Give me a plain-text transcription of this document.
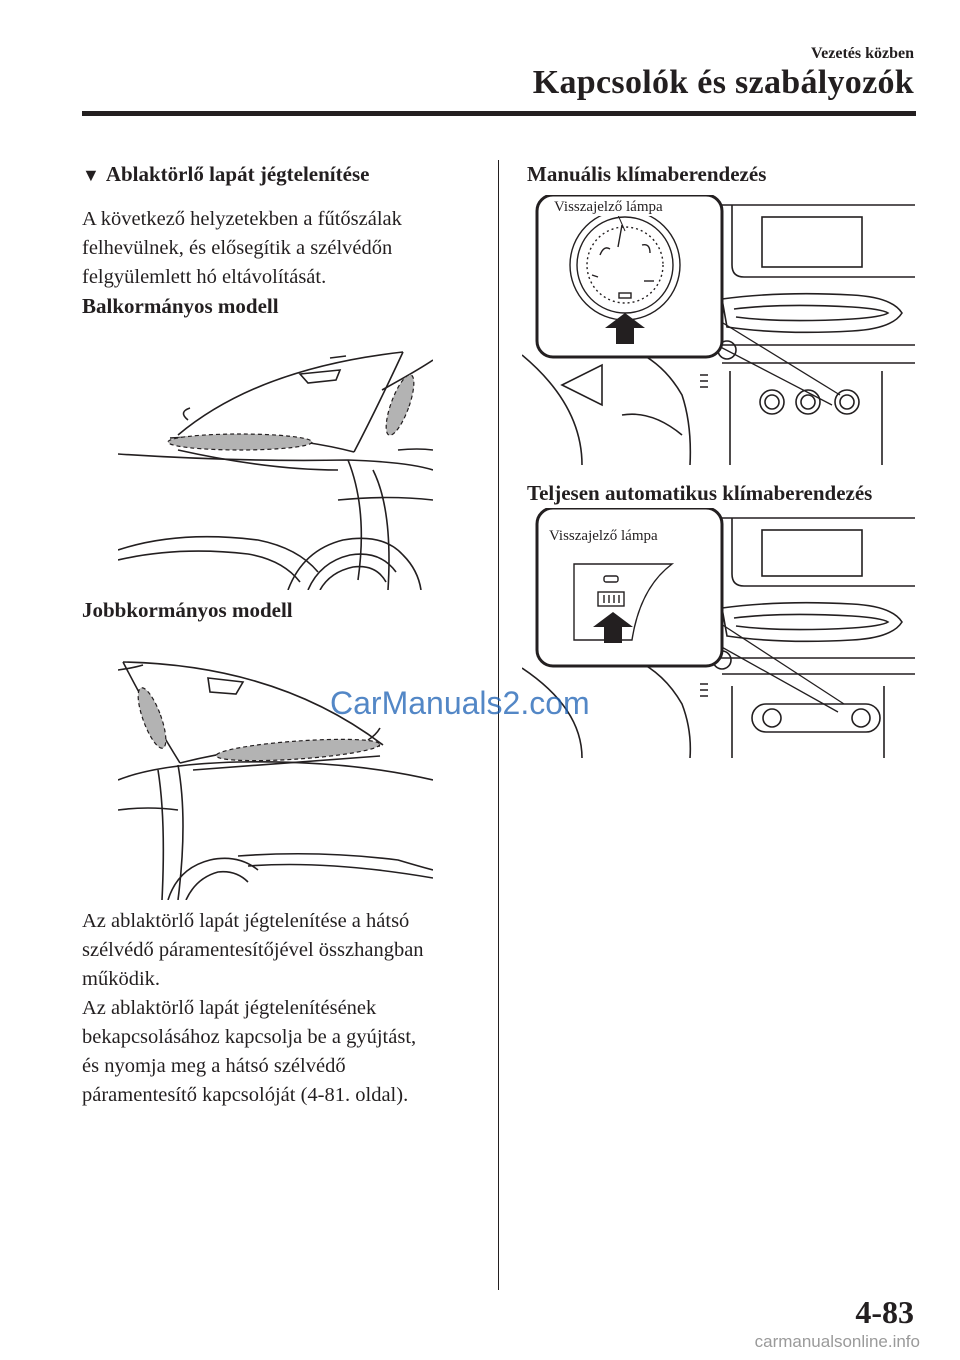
Vezetés közben
Kapcsolók és szabályozók
▼ Ablaktörlő lapát jégtelenítése
A következő helyzetekben a fűtőszálak
felhevülnek, és elősegítik a szélvédőn
felgyülemlett hó eltávolítását.
Balkormányos modell
Jobbkormányos modell
Az ablaktörlő lapát jégtelenítése a hátsó
szélvédő páramentesítőjével összhangban
működik.
Az ablaktörlő lapát jégtelenítésének
bekapcsolásához kapcsolja be a gyújtást,
és nyomja meg a hátsó szélvédő
páramentesítő kapcsolóját (4-81. oldal).
Manuális klímaberendezés
Visszajelző lámpa
Teljesen automatikus klímaberendezés
Visszajelző lámpa
CarManuals2.com
4-83
carmanualsonline.info
